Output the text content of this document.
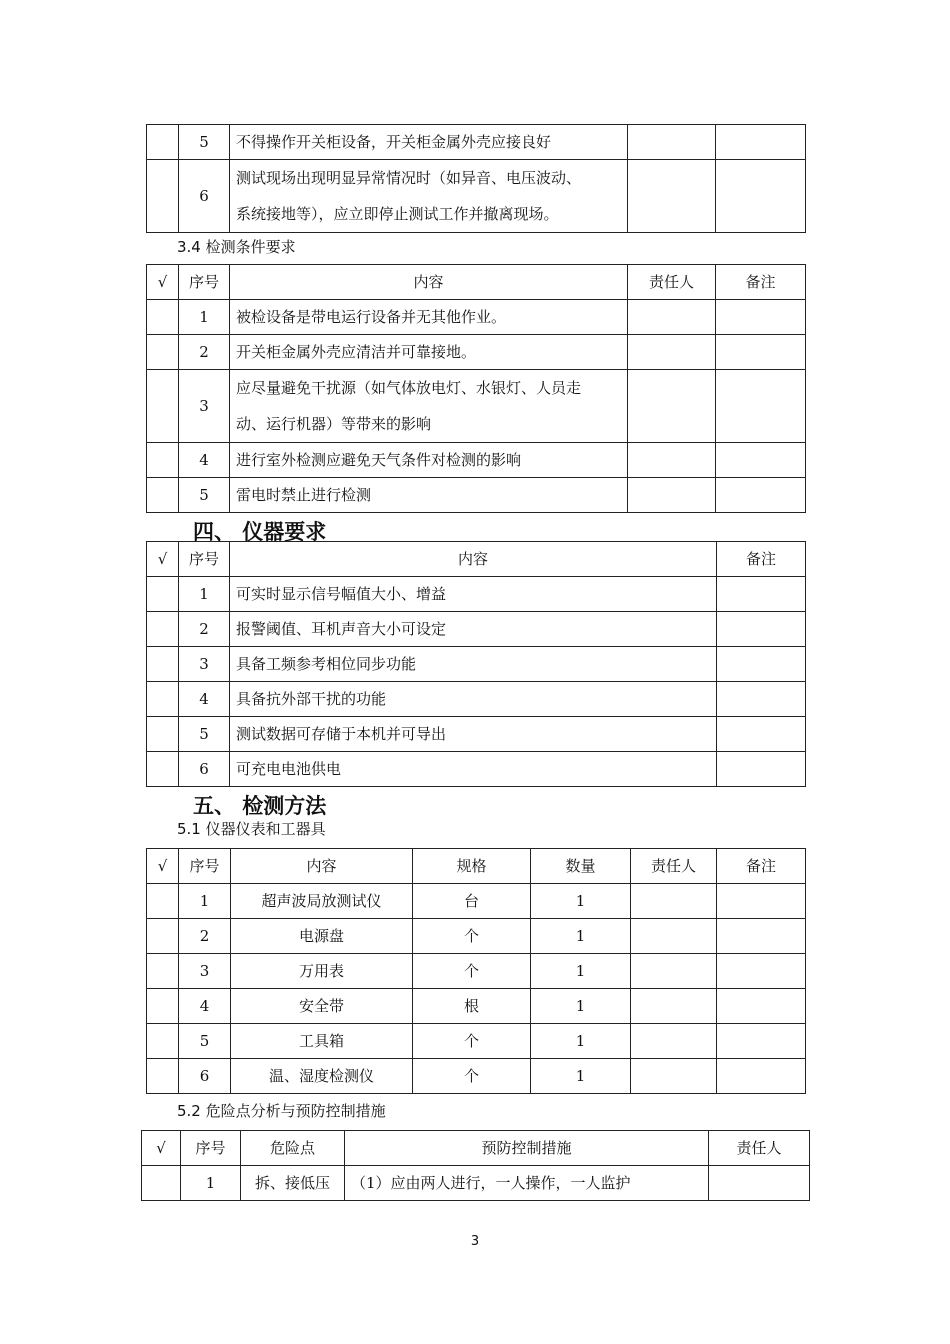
	5	不得操作开关柜设备，开关柜金属外壳应接良好		
	6	测试现场出现明显异常情况时（如异音、电压波动、
系统接地等），应立即停止测试工作并撤离现场。		

3.4 检测条件要求
√	序号	内容	责任人	备注
	1	被检设备是带电运行设备并无其他作业。		
	2	开关柜金属外壳应清洁并可靠接地。		
	3	应尽量避免干扰源（如气体放电灯、水银灯、人员走
动、运行机器）等带来的影响		

	4	进行室外检测应避免天气条件对检测的影响		
	5	雷电时禁止进行检测		
四、 仪器要求
√	序号	内容	备注
	1	可实时显示信号幅值大小、增益	
	2	报警阈值、耳机声音大小可设定	
	3	具备工频参考相位同步功能	
	4	具备抗外部干扰的功能	
	5	测试数据可存储于本机并可导出	
	6	可充电电池供电	
五、 检测方法
5.1 仪器仪表和工器具
√	序号	内容	规格	数量	责任人	备注
	1	超声波局放测试仪	台	1		
	2	电源盘	个	1		
	3	万用表	个	1		
	4	安全带	根	1		
	5	工具箱	个	1		
	6	温、湿度检测仪	个	1		
5.2 危险点分析与预防控制措施
√	序号	危险点	预防控制措施	责任人
	1	拆、接低压	（1）应由两人进行，一人操作，一人监护	
3
